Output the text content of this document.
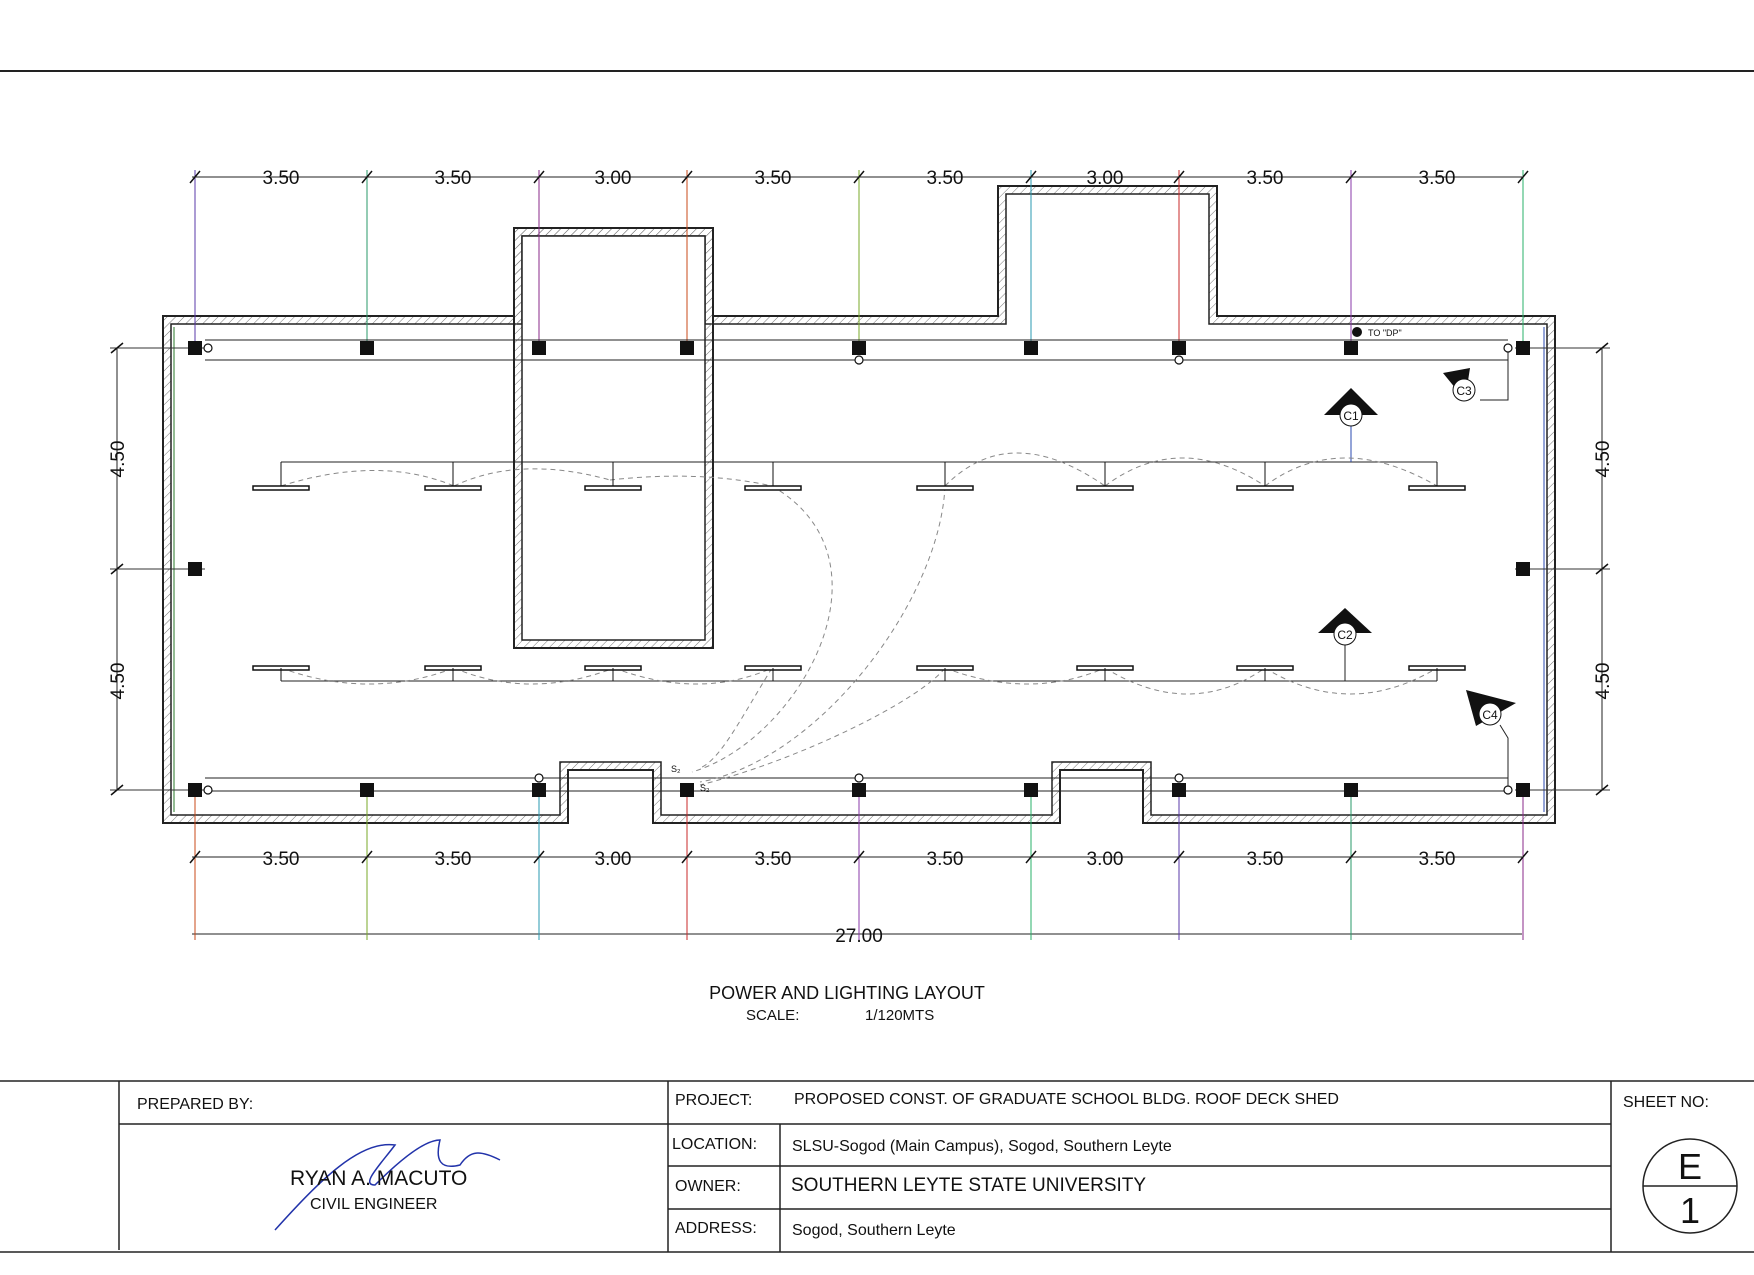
3.50	3.50	3.00	3.50	3.50	3.00	3.50	3.50
3.50	3.50	3.00	3.50	3.50	3.00	3.50	3.50
27.00
4.50
4.50
4.50
4.50
TO "DP"
C1
C2
C3
C4
S₂
S₂
POWER AND LIGHTING LAYOUT
SCALE:	1/120MTS
PREPARED BY:
RYAN A. MACUTO
CIVIL ENGINEER
PROJECT:	PROPOSED CONST. OF GRADUATE SCHOOL BLDG. ROOF DECK SHED
LOCATION: SLSU-Sogod (Main Campus), Sogod, Southern Leyte
OWNER:	SOUTHERN LEYTE STATE UNIVERSITY
ADDRESS: Sogod, Southern Leyte
SHEET NO:
E
1
